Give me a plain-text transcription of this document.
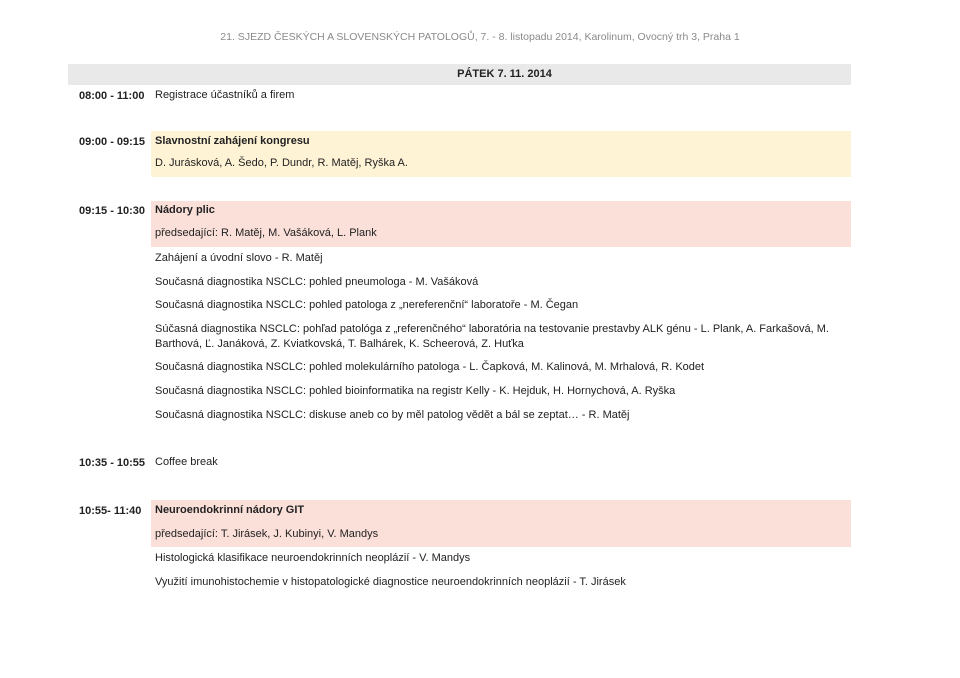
21. SJEZD ČESKÝCH A SLOVENSKÝCH PATOLOGŮ, 7. - 8. listopadu 2014, Karolinum, Ovocný trh 3, Praha 1
PÁTEK 7. 11. 2014
08:00 - 11:00 Registrace účastníků a firem
09:00 - 09:15 Slavnostní zahájení kongresu
D. Jurásková, A. Šedo, P. Dundr, R. Matěj, Ryška A.
09:15 - 10:30 Nádory plic
předsedající: R. Matěj, M. Vašáková, L. Plank
Zahájení a úvodní slovo - R. Matěj
Současná diagnostika NSCLC: pohled pneumologa - M. Vašáková
Současná diagnostika NSCLC: pohled patologa z „nereferenční“ laboratoře - M. Čegan
Súčasná diagnostika NSCLC: pohľad patológa z „referenčného“ laboratória na testovanie prestavby ALK génu - L. Plank, A. Farkašová, M. Barthová, Ľ. Janáková, Z. Kviatkovská, T. Balhárek, K. Scheerová, Z. Huťka
Současná diagnostika NSCLC: pohled molekulárního patologa - L. Čapková, M. Kalinová, M. Mrhalová, R. Kodet
Současná diagnostika NSCLC: pohled bioinformatika na registr Kelly - K. Hejduk, H. Hornychová, A. Ryška
Současná diagnostika NSCLC: diskuse aneb co by měl patolog vědět a bál se zeptat… - R. Matěj
10:35 - 10:55 Coffee break
10:55- 11:40 Neuroendokrinní nádory GIT
předsedající: T. Jirásek, J. Kubinyi, V. Mandys
Histologická klasifikace neuroendokrinních neoplázií - V. Mandys
Využití imunohistochemie v histopatologické diagnostice neuroendokrinních neoplázií - T. Jirásek
